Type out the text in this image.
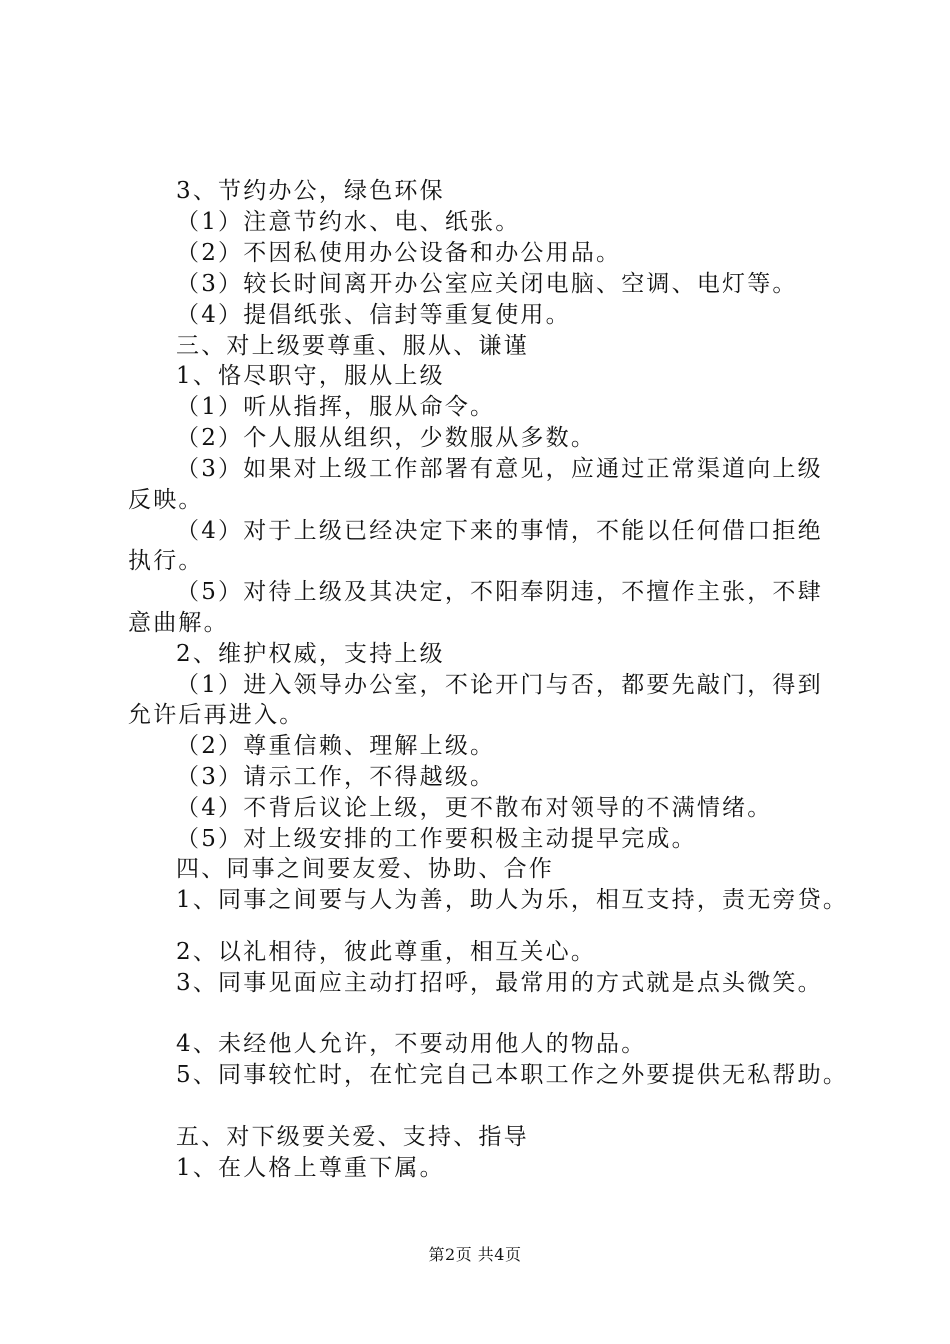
3、节约办公，绿色环保
（1）注意节约水、电、纸张。
（2）不因私使用办公设备和办公用品。
（3）较长时间离开办公室应关闭电脑、空调、电灯等。
（4）提倡纸张、信封等重复使用。
三、对上级要尊重、服从、谦谨
1、恪尽职守，服从上级
（1）听从指挥，服从命令。
（2）个人服从组织，少数服从多数。
（3）如果对上级工作部署有意见，应通过正常渠道向上级
反映。
（4）对于上级已经决定下来的事情，不能以任何借口拒绝
执行。
（5）对待上级及其决定，不阳奉阴违，不擅作主张，不肆
意曲解。
2、维护权威，支持上级
（1）进入领导办公室，不论开门与否，都要先敲门，得到
允许后再进入。
（2）尊重信赖、理解上级。
（3）请示工作，不得越级。
（4）不背后议论上级，更不散布对领导的不满情绪。
（5）对上级安排的工作要积极主动提早完成。
四、同事之间要友爱、协助、合作
1、同事之间要与人为善，助人为乐，相互支持，责无旁贷。
2、以礼相待，彼此尊重，相互关心。
3、同事见面应主动打招呼，最常用的方式就是点头微笑。
4、未经他人允许，不要动用他人的物品。
5、同事较忙时，在忙完自己本职工作之外要提供无私帮助。
五、对下级要关爱、支持、指导
1、在人格上尊重下属。
第2页 共4页
